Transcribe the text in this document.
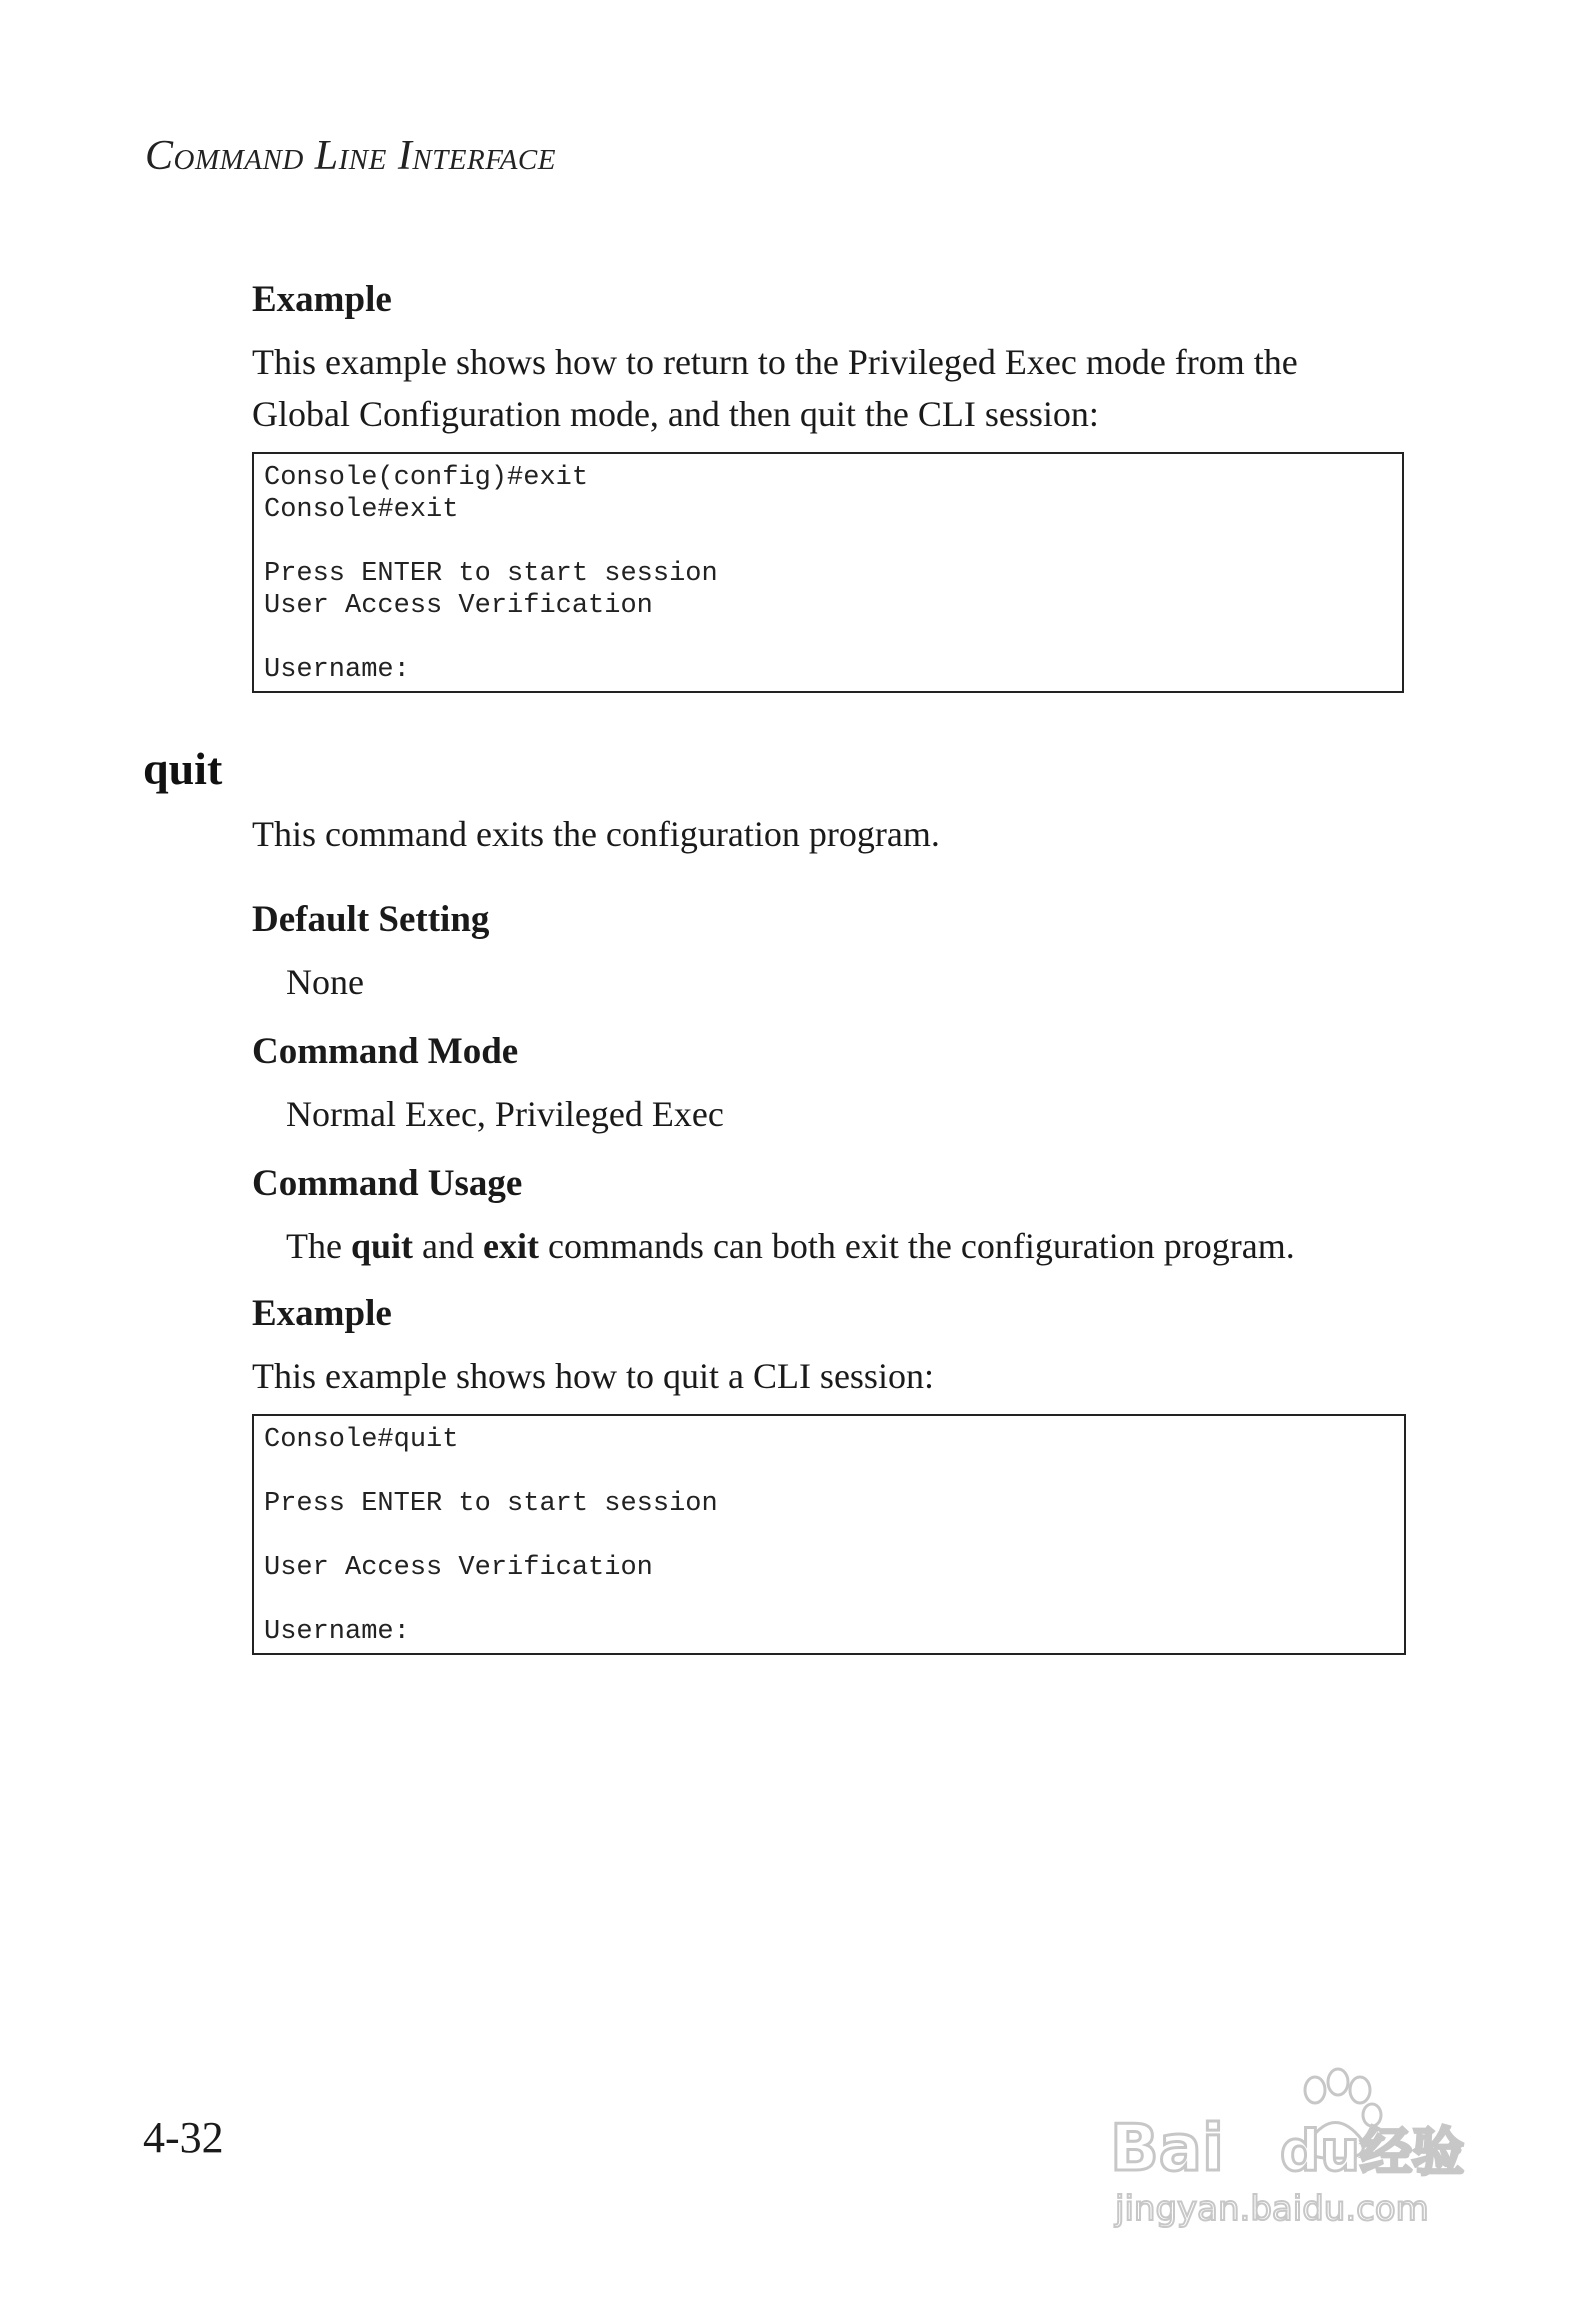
Command Line Interface
Example
This example shows how to return to the Privileged Exec mode from the
Global Configuration mode, and then quit the CLI session:
Console(config)#exit
Console#exit
Press ENTER to start session
User Access Verification
Username:
quit
This command exits the configuration program.
Default Setting
None
Command Mode
Normal Exec, Privileged Exec
Command Usage
The quit and exit commands can both exit the configuration program.
Example
This example shows how to quit a CLI session:
Console#quit
Press ENTER to start session
User Access Verification
Username:
4-32	Bai du 经验
jingyan.baidu.com
